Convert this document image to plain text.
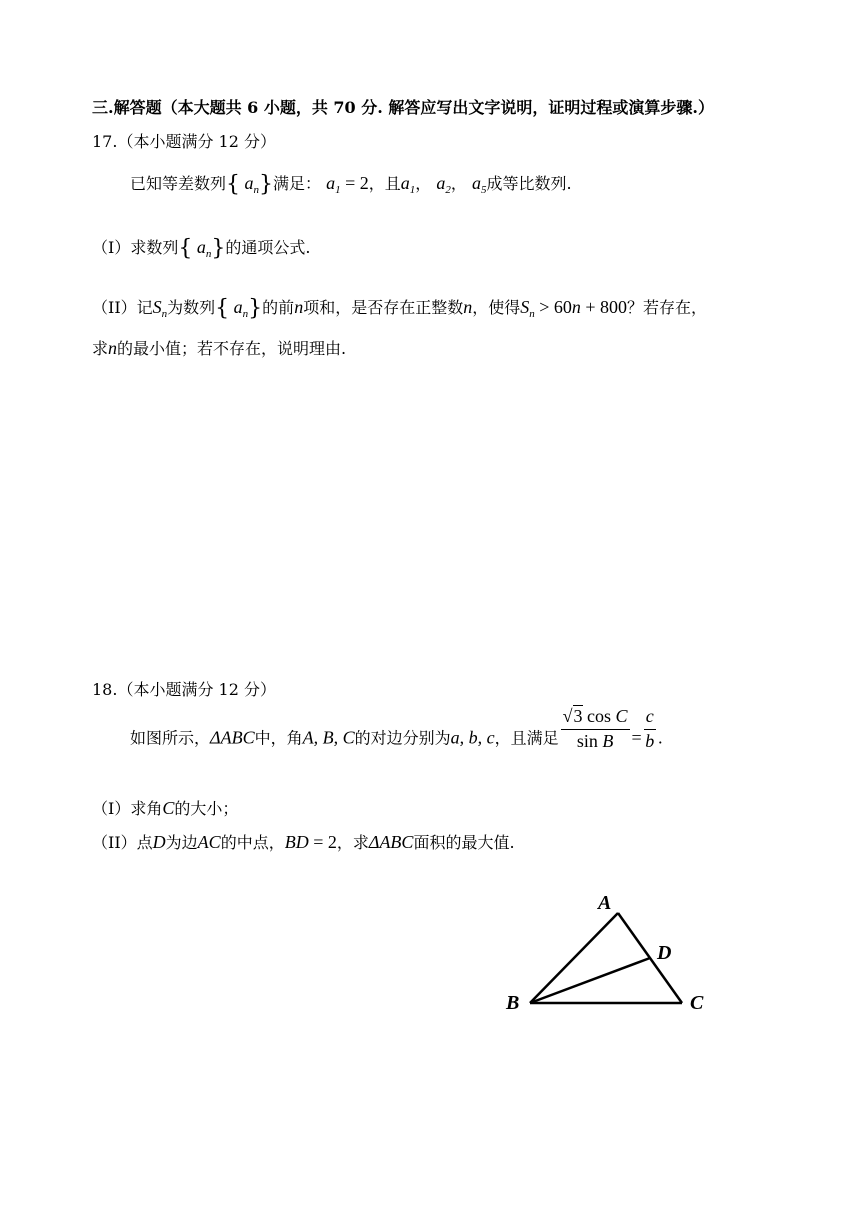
三.解答题（本大题共 6 小题，共 70 分. 解答应写出文字说明，证明过程或演算步骤.）
17.（本小题满分 12 分）
已知等差数列{ $a_n$}满足： $a_1 = 2$，且$a_1$， $a_2$， $a_5$成等比数列.
（I）求数列{ $a_n$}的通项公式.
（II）记$S_n$为数列{ $a_n$}的前n项和，是否存在正整数n，使得$S_n > 60n + 800$？若存在，
求n的最小值；若不存在，说明理由.
18.（本小题满分 12 分）
如图所示，ΔABC中，角A, B, C的对边分别为a, b, c，且满足 $\frac{\text{√3 cos C}}{\text{sin B}} = \frac{c}{b}$ .
（I）求角C的大小；
（II）点D为边AC的中点，BD = 2，求ΔABC面积的最大值.
A
B	C
D
